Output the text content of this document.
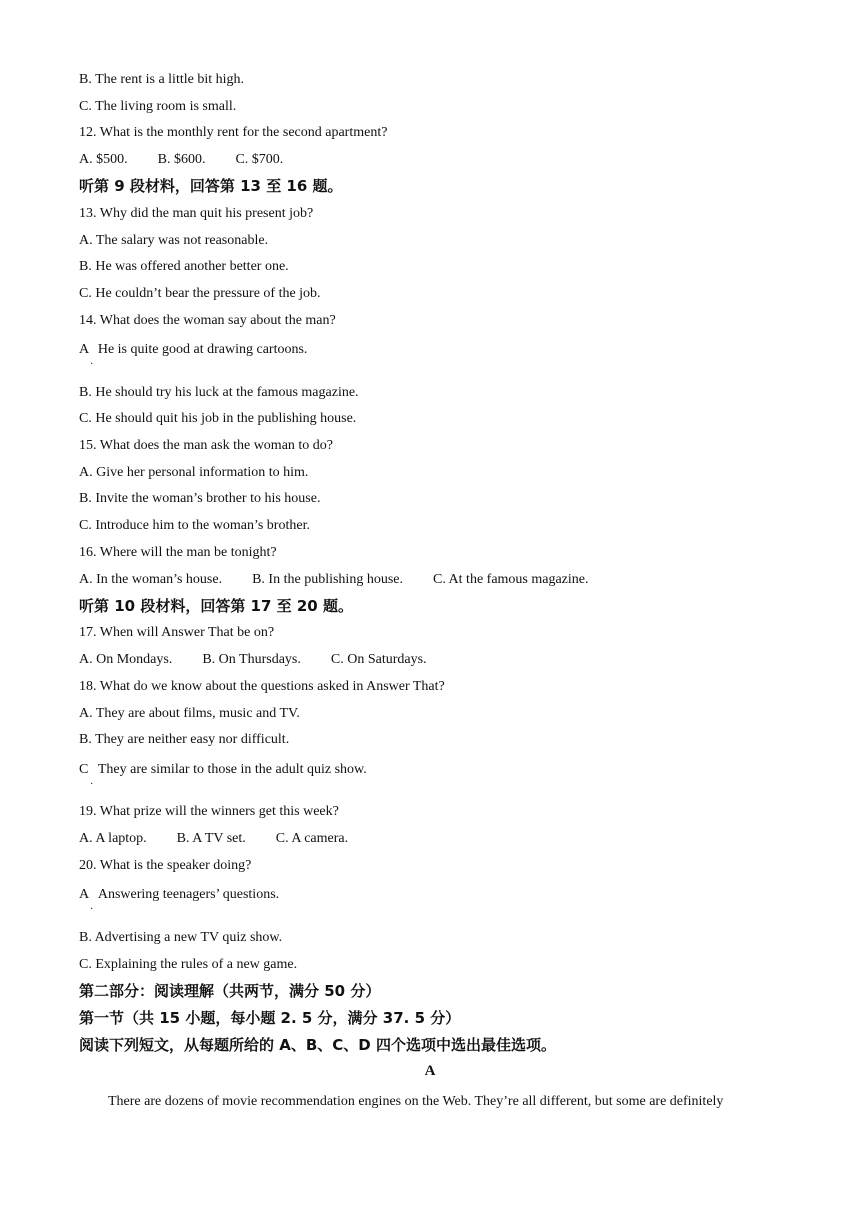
B. The rent is a little bit high.
C. The living room is small.
12. What is the monthly rent for the second apartment?
A. $500. B. $600. C. $700.
听第 9 段材料，回答第 13 至 16 题。
13. Why did the man quit his present job?
A. The salary was not reasonable.
B. He was offered another better one.
C. He couldn’t bear the pressure of the job.
14. What does the woman say about the man?
A He is quite good at drawing cartoons.
·
B. He should try his luck at the famous magazine.
C. He should quit his job in the publishing house.
15. What does the man ask the woman to do?
A. Give her personal information to him.
B. Invite the woman’s brother to his house.
C. Introduce him to the woman’s brother.
16. Where will the man be tonight?
A. In the woman’s house. B. In the publishing house. C. At the famous magazine.
听第 10 段材料，回答第 17 至 20 题。
17. When will Answer That be on?
A. On Mondays. B. On Thursdays. C. On Saturdays.
18. What do we know about the questions asked in Answer That?
A. They are about films, music and TV.
B. They are neither easy nor difficult.
C They are similar to those in the adult quiz show.
·
19. What prize will the winners get this week?
A. A laptop. B. A TV set. C. A camera.
20. What is the speaker doing?
A Answering teenagers’ questions.
·
B. Advertising a new TV quiz show.
C. Explaining the rules of a new game.
第二部分：阅读理解（共两节，满分 50 分）
第一节（共 15 小题，每小题 2. 5 分，满分 37. 5 分）
阅读下列短文，从每题所给的 A、B、C、D 四个选项中选出最佳选项。
A
There are dozens of movie recommendation engines on the Web. They’re all different, but some are definitely
